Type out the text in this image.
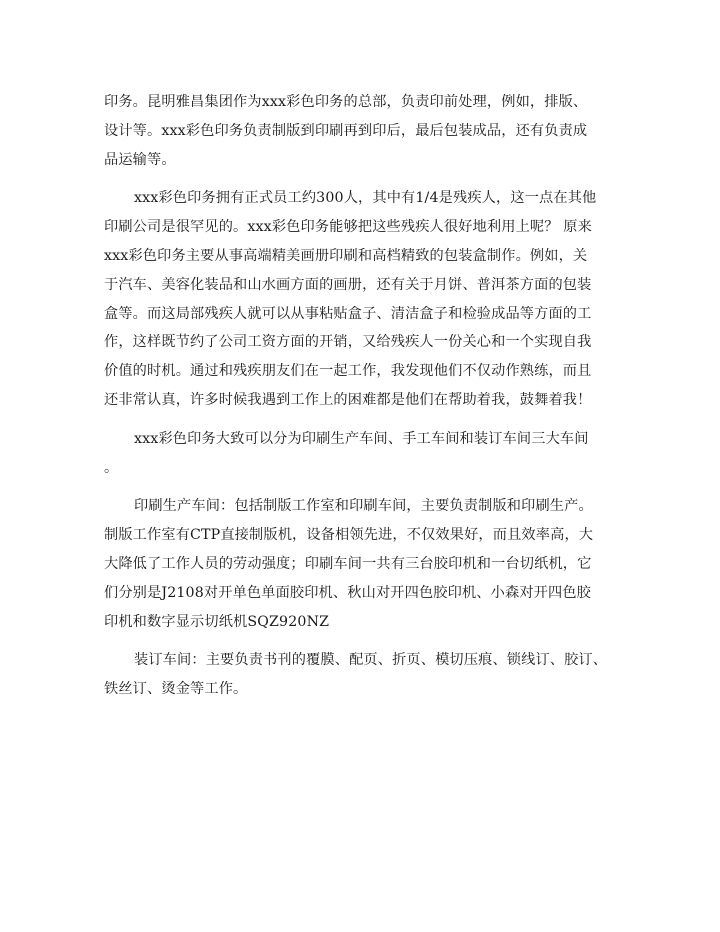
印务。昆明雅昌集团作为xxx彩色印务的总部，负责印前处理，例如，排版、
设计等。xxx彩色印务负责制版到印刷再到印后，最后包装成品，还有负责成
品运输等。
xxx彩色印务拥有正式员工约300人，其中有1/4是残疾人，这一点在其他
印刷公司是很罕见的。xxx彩色印务能够把这些残疾人很好地利用上呢？ 原来
xxx彩色印务主要从事高端精美画册印刷和高档精致的包装盒制作。例如，关
于汽车、美容化装品和山水画方面的画册，还有关于月饼、普洱茶方面的包装
盒等。而这局部残疾人就可以从事粘贴盒子、清洁盒子和检验成品等方面的工
作，这样既节约了公司工资方面的开销，又给残疾人一份关心和一个实现自我
价值的时机。通过和残疾朋友们在一起工作，我发现他们不仅动作熟练，而且
还非常认真，许多时候我遇到工作上的困难都是他们在帮助着我，鼓舞着我！
xxx彩色印务大致可以分为印刷生产车间、手工车间和装订车间三大车间
。
印刷生产车间：包括制版工作室和印刷车间，主要负责制版和印刷生产。
制版工作室有CTP直接制版机，设备相领先进，不仅效果好，而且效率高，大
大降低了工作人员的劳动强度；印刷车间一共有三台胶印机和一台切纸机，它
们分别是J2108对开单色单面胶印机、秋山对开四色胶印机、小森对开四色胶
印机和数字显示切纸机SQZ920NZ
装订车间：主要负责书刊的覆膜、配页、折页、模切压痕、锁线订、胶订、
铁丝订、烫金等工作。
